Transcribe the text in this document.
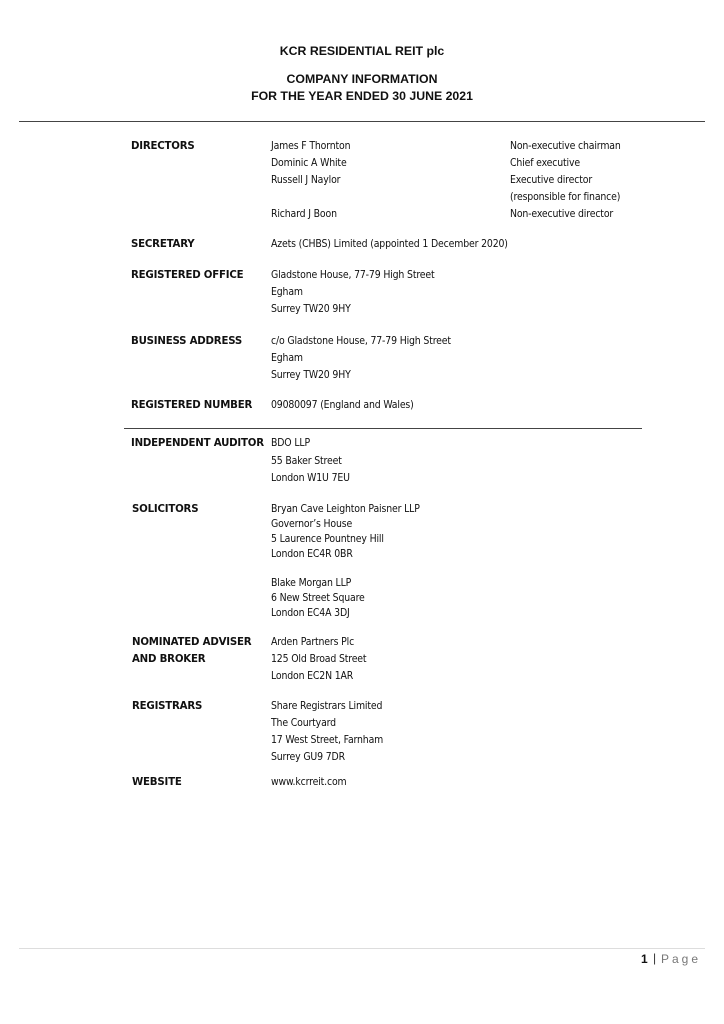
KCR RESIDENTIAL REIT plc
COMPANY INFORMATION
FOR THE YEAR ENDED 30 JUNE 2021
DIRECTORS	James F Thornton	Non-executive chairman
Dominic A White	Chief executive
Russell J Naylor	Executive director
(responsible for finance)
Richard J Boon	Non-executive director
SECRETARY	Azets (CHBS) Limited (appointed 1 December 2020)
REGISTERED OFFICE	Gladstone House, 77-79 High Street
Egham
Surrey TW20 9HY
BUSINESS ADDRESS	c/o Gladstone House, 77-79 High Street
Egham
Surrey TW20 9HY
REGISTERED NUMBER 09080097 (England and Wales)
INDEPENDENT AUDITOR BDO LLP
55 Baker Street
London W1U 7EU
SOLICITORS	Bryan Cave Leighton Paisner LLP
Governor’s House
5 Laurence Pountney Hill
London EC4R 0BR
Blake Morgan LLP
6 New Street Square
London EC4A 3DJ
NOMINATED ADVISER
AND BROKER
Arden Partners Plc
125 Old Broad Street
London EC2N 1AR
REGISTRARS	Share Registrars Limited
The Courtyard
17 West Street, Farnham
Surrey GU9 7DR
WEBSITE	www.kcrreit.com
1 | Page
